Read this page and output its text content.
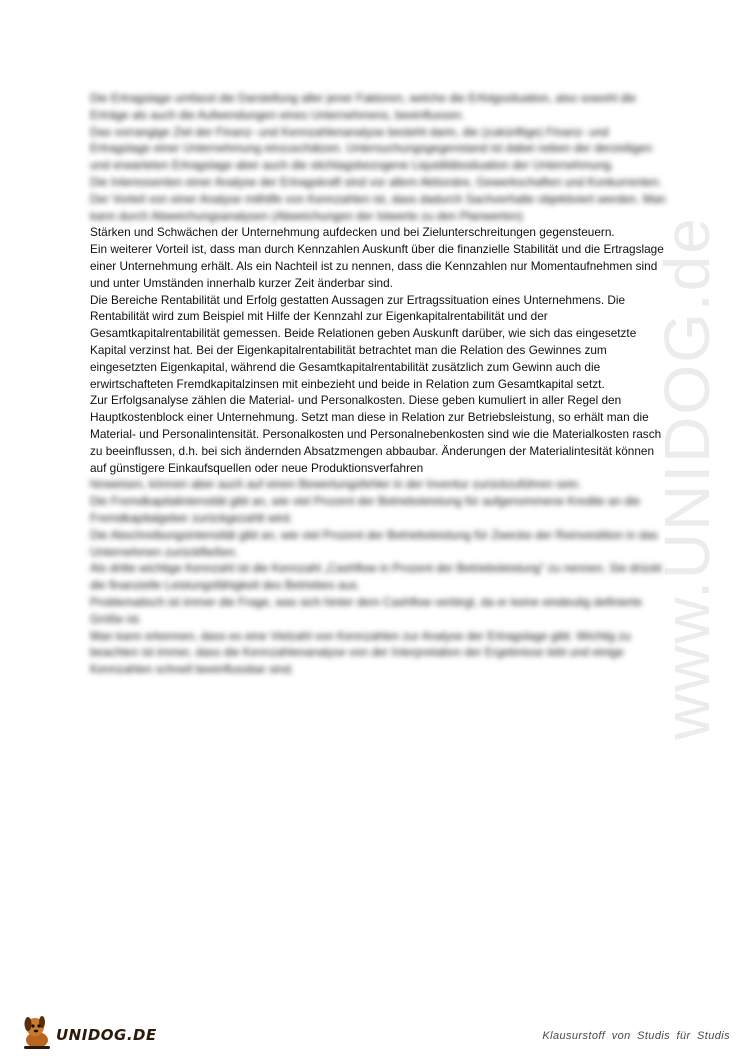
www.UNIDOG.de

Die Ertragslage umfasst die Darstellung aller jener Faktoren, welche die Erfolgssituation, also sowohl die Erträge als auch die Aufwendungen eines Unternehmens, beeinflussen.

Das vorrangige Ziel der Finanz- und Kennzahlenanalyse besteht darin, die (zukünftige) Finanz- und Ertragslage einer Unternehmung einzuschätzen. Untersuchungsgegenstand ist dabei neben der derzeitigen und erwarteten Ertragslage aber auch die stichtagsbezogene Liquiditätssituation der Unternehmung.

Die Interessenten einer Analyse der Ertragskraft sind vor allem Aktionäre, Gewerkschaften und Konkurrenten.

Der Vorteil von einer Analyse mithilfe von Kennzahlen ist, dass dadurch Sachverhalte objektiviert werden. Man kann durch Abweichungsanalysen (Abweichungen der Istwerte zu den Planwerten)

Stärken und Schwächen der Unternehmung aufdecken und bei Zielunterschreitungen gegensteuern.

Ein weiterer Vorteil ist, dass man durch Kennzahlen Auskunft über die finanzielle Stabilität und die Ertragslage einer Unternehmung erhält. Als ein Nachteil ist zu nennen, dass die Kennzahlen nur Momentaufnehmen sind und unter Umständen innerhalb kurzer Zeit änderbar sind.

Die Bereiche Rentabilität und Erfolg gestatten Aussagen zur Ertragssituation eines Unternehmens. Die Rentabilität wird zum Beispiel mit Hilfe der Kennzahl zur Eigenkapitalrentabilität und der Gesamtkapitalrentabilität gemessen. Beide Relationen geben Auskunft darüber, wie sich das eingesetzte Kapital verzinst hat. Bei der Eigenkapitalrentabilität betrachtet man die Relation des Gewinnes zum eingesetzten Eigenkapital, während die Gesamtkapitalrentabilität zusätzlich zum Gewinn auch die erwirtschafteten Fremdkapitalzinsen mit einbezieht und beide in Relation zum Gesamtkapital setzt.

Zur Erfolgsanalyse zählen die Material- und Personalkosten. Diese geben kumuliert in aller Regel den Hauptkostenblock einer Unternehmung. Setzt man diese in Relation zur Betriebsleistung, so erhält man die Material- und Personalintensität. Personalkosten und Personalnebenkosten sind wie die Materialkosten rasch zu beeinflussen, d.h. bei sich ändernden Absatzmengen abbaubar. Änderungen der Materialintesität können auf günstigere Einkaufsquellen oder neue Produktionsverfahren

hinweisen, können aber auch auf einen Bewertungsfehler in der Inventur zurückzuführen sein.

Die Fremdkapitalintensität gibt an, wie viel Prozent der Betriebsleistung für aufgenommene Kredite an die Fremdkapitalgeber zurückgezahlt wird.

Die Abschreibungsintensität gibt an, wie viel Prozent der Betriebsleistung für Zwecke der Reinvestition in das Unternehmen zurückfließen.

Als dritte wichtige Kennzahl ist die Kennzahl „Cashflow in Prozent der Betriebsleistung“ zu nennen. Sie drückt die finanzielle Leistungsfähigkeit des Betriebes aus.

Problematisch ist immer die Frage, was sich hinter dem Cashflow verbirgt, da er keine eindeutig definierte Größe ist.

Man kann erkennen, dass es eine Vielzahl von Kennzahlen zur Analyse der Ertragslage gibt. Wichtig zu beachten ist immer, dass die Kennzahlenanalyse von der Interpretation der Ergebnisse lebt und einige Kennzahlen schnell beeinflussbar sind.

UNIDOG.DE	Klausurstoff von Studis für Studis
